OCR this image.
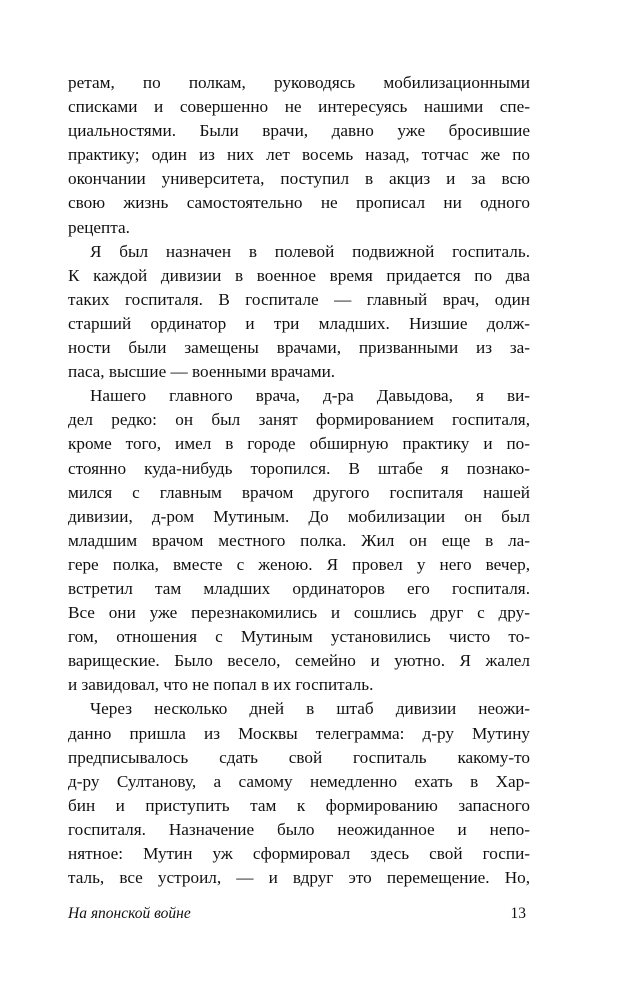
ретам, по полкам, руководясь мобилизационными
списками и совершенно не интересуясь нашими спе-
циальностями. Были врачи, давно уже бросившие
практику; один из них лет восемь назад, тотчас же по
окончании университета, поступил в акциз и за всю
свою жизнь самостоятельно не прописал ни одного
рецепта.
Я был назначен в полевой подвижной госпиталь.
К каждой дивизии в военное время придается по два
таких госпиталя. В госпитале — главный врач, один
старший ординатор и три младших. Низшие долж-
ности были замещены врачами, призванными из за-
паса, высшие — военными врачами.
Нашего главного врача, д-ра Давыдова, я ви-
дел редко: он был занят формированием госпиталя,
кроме того, имел в городе обширную практику и по-
стоянно куда-нибудь торопился. В штабе я познако-
мился с главным врачом другого госпиталя нашей
дивизии, д-ром Мутиным. До мобилизации он был
младшим врачом местного полка. Жил он еще в ла-
гере полка, вместе с женою. Я провел у него вечер,
встретил там младших ординаторов его госпиталя.
Все они уже перезнакомились и сошлись друг с дру-
гом, отношения с Мутиным установились чисто то-
варищеские. Было весело, семейно и уютно. Я жалел
и завидовал, что не попал в их госпиталь.
Через несколько дней в штаб дивизии неожи-
данно пришла из Москвы телеграмма: д-ру Мутину
предписывалось сдать свой госпиталь какому-то
д-ру Султанову, а самому немедленно ехать в Хар-
бин и приступить там к формированию запасного
госпиталя. Назначение было неожиданное и непо-
нятное: Мутин уж сформировал здесь свой госпи-
таль, все устроил, — и вдруг это перемещение. Но,
На японской войне	13
